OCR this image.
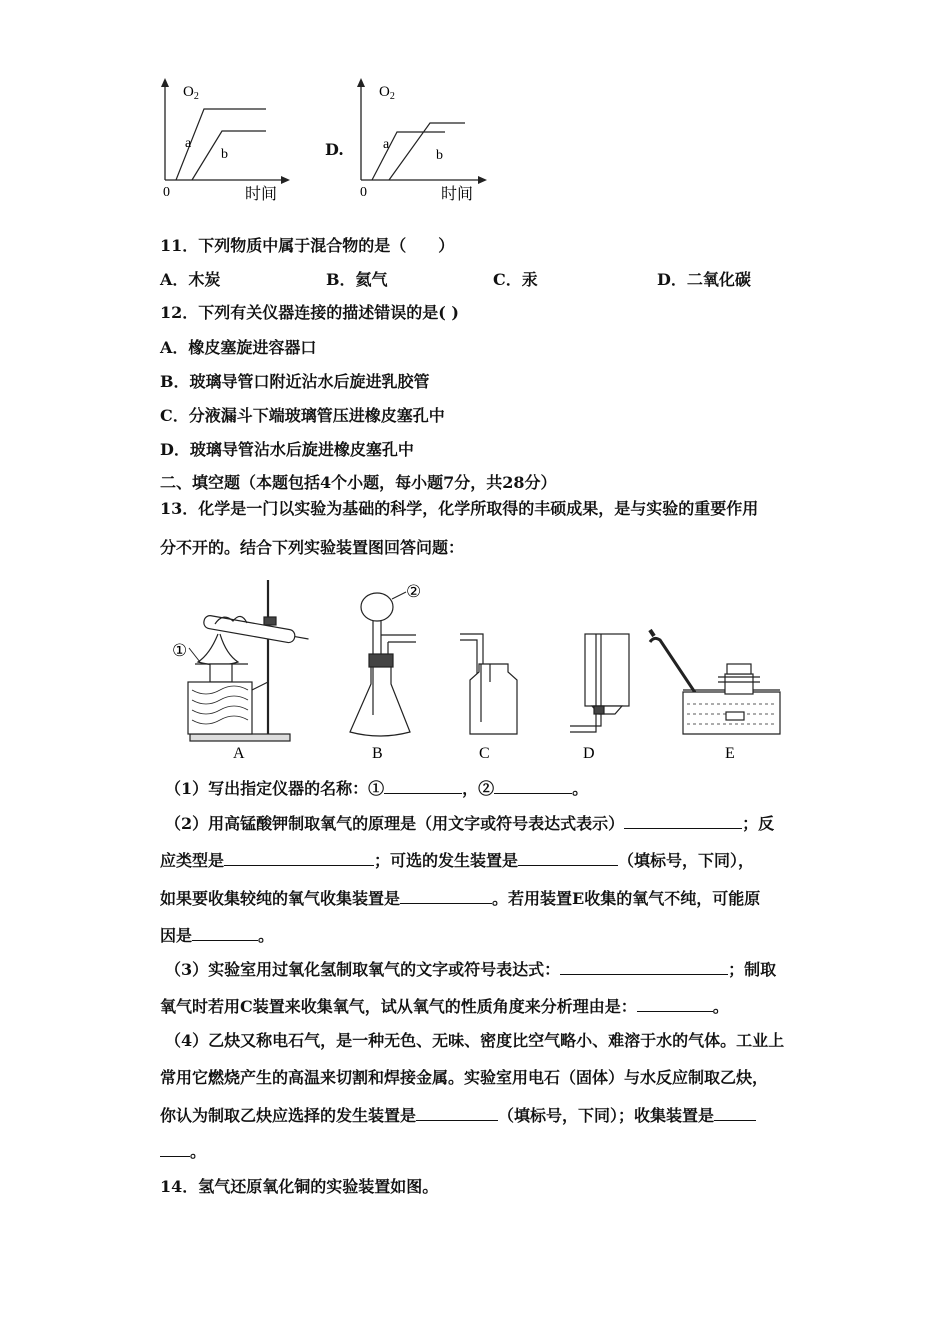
$O_2$
0	时间
a
b	D.
$O_2$
0	时间
a
b
11．下列物质中属于混合物的是（　　）
A．木炭	B．氦气	C．汞	D．二氧化碳
12．下列有关仪器连接的描述错误的是( )
A．橡皮塞旋进容器口
B．玻璃导管口附近沾水后旋进乳胶管
C．分液漏斗下端玻璃管压进橡皮塞孔中
D．玻璃导管沾水后旋进橡皮塞孔中
二、填空题（本题包括4个小题，每小题7分，共28分）
13．化学是一门以实验为基础的科学，化学所取得的丰硕成果，是与实验的重要作用
分不开的。结合下列实验装置图回答问题：
①
②
A	B	C	D	E
（1）写出指定仪器的名称：①	，②	。
（2）用高锰酸钾制取氧气的原理是（用文字或符号表达式表示）	；反
应类型是	；可选的发生装置是	（填标号，下同），
如果要收集较纯的氧气收集装置是	。若用装置E收集的氧气不纯，可能原
因是	。
（3）实验室用过氧化氢制取氧气的文字或符号表达式：	；制取
氧气时若用C装置来收集氧气，试从氧气的性质角度来分析理由是：	。
（4）乙炔又称电石气，是一种无色、无味、密度比空气略小、难溶于水的气体。工业上
常用它燃烧产生的高温来切割和焊接金属。实验室用电石（固体）与水反应制取乙炔，
你认为制取乙炔应选择的发生装置是	（填标号，下同）；收集装置是
。
14．氢气还原氧化铜的实验装置如图。
